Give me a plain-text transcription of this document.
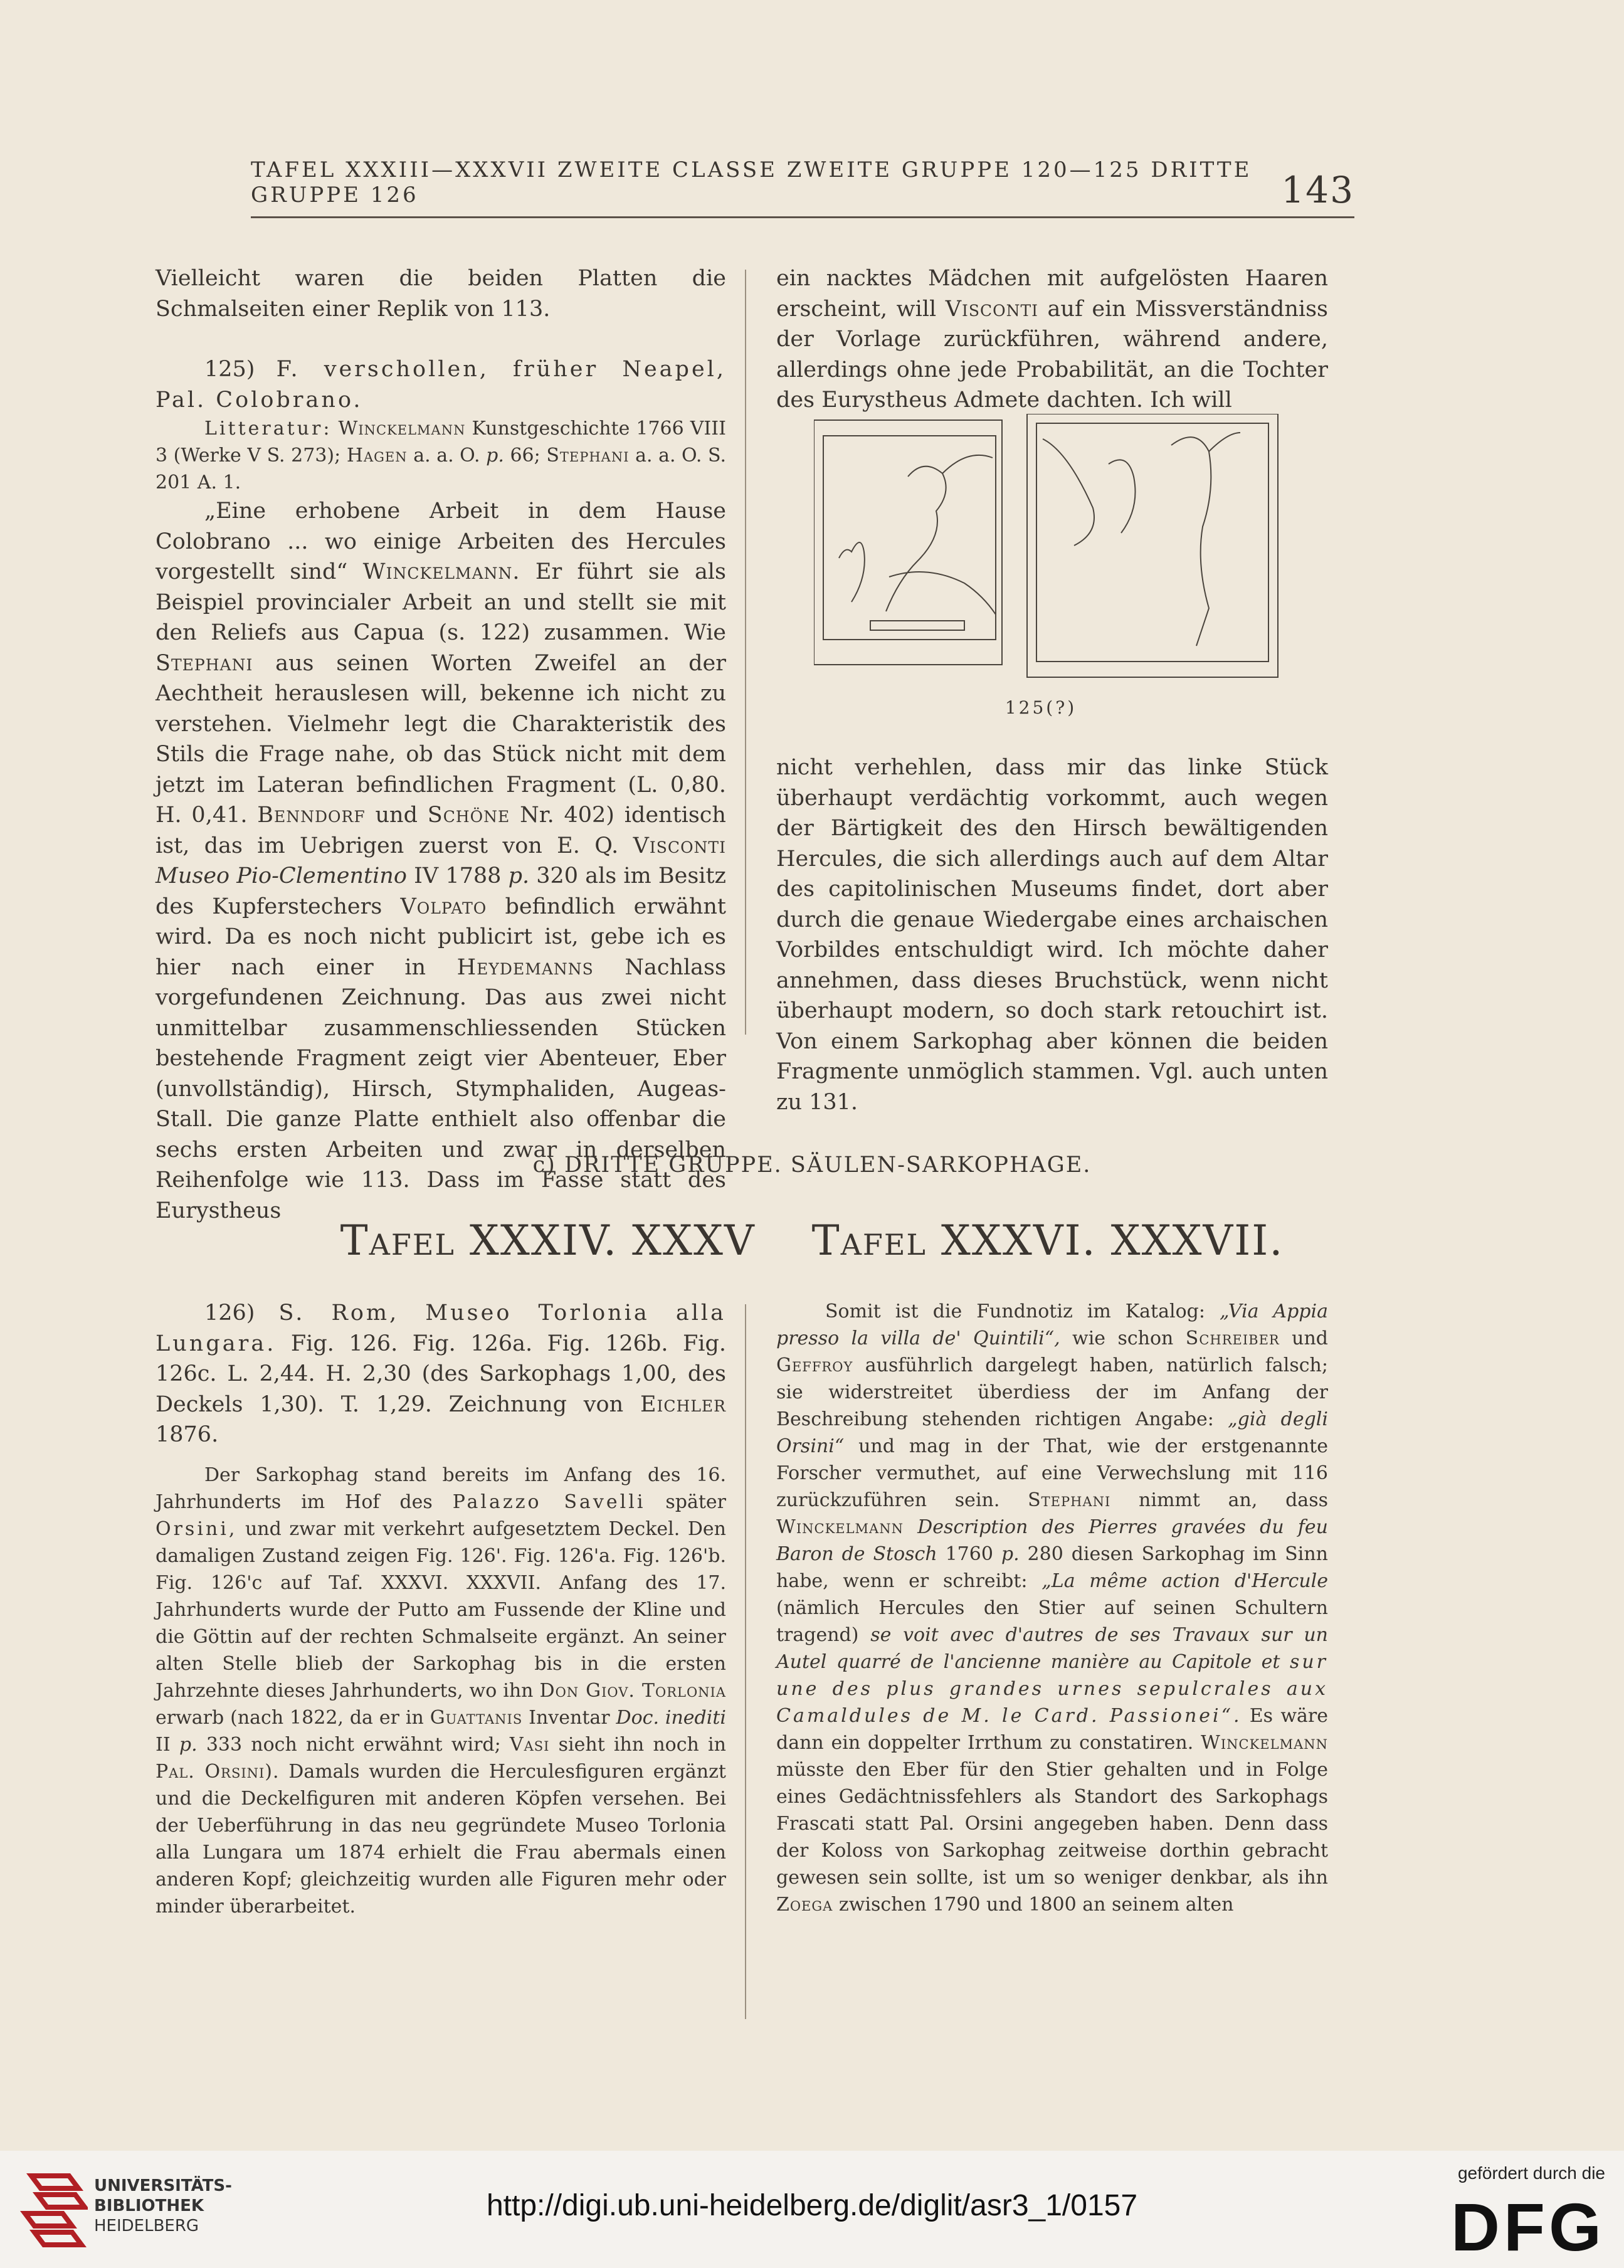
TAFEL XXXIII—XXXVII ZWEITE CLASSE ZWEITE GRUPPE 120—125 DRITTE GRUPPE 126	143

Vielleicht waren die beiden Platten die Schmalseiten einer Replik von 113.

125) F. verschollen, früher Neapel, Pal. Colobrano.

Litteratur: Winckelmann Kunstgeschichte 1766 VIII 3 (Werke V S. 273); Hagen a. a. O. p. 66; Stephani a. a. O. S. 201 A. 1.

„Eine erhobene Arbeit in dem Hause Colobrano ... wo einige Arbeiten des Hercules vorgestellt sind“ Winckelmann. Er führt sie als Beispiel provincialer Arbeit an und stellt sie mit den Reliefs aus Capua (s. 122) zusammen. Wie Stephani aus seinen Worten Zweifel an der Aechtheit herauslesen will, bekenne ich nicht zu verstehen. Vielmehr legt die Charakteristik des Stils die Frage nahe, ob das Stück nicht mit dem jetzt im Lateran befindlichen Fragment (L. 0,80. H. 0,41. Benndorf und Schöne Nr. 402) identisch ist, das im Uebrigen zuerst von E. Q. Visconti Museo Pio-Clementino IV 1788 p. 320 als im Besitz des Kupferstechers Volpato befindlich erwähnt wird. Da es noch nicht publicirt ist, gebe ich es hier nach einer in Heydemanns Nachlass vorgefundenen Zeichnung. Das aus zwei nicht unmittelbar zusammenschliessenden Stücken bestehende Fragment zeigt vier Abenteuer, Eber (unvollständig), Hirsch, Stymphaliden, Augeas-Stall. Die ganze Platte enthielt also offenbar die sechs ersten Arbeiten und zwar in derselben Reihenfolge wie 113. Dass im Fasse statt des Eurystheus

ein nacktes Mädchen mit aufgelösten Haaren erscheint, will Visconti auf ein Missverständniss der Vorlage zurückführen, während andere, allerdings ohne jede Probabilität, an die Tochter des Eurystheus Admete dachten. Ich will

125(?)

nicht verhehlen, dass mir das linke Stück überhaupt verdächtig vorkommt, auch wegen der Bärtigkeit des den Hirsch bewältigenden Hercules, die sich allerdings auch auf dem Altar des capitolinischen Museums findet, dort aber durch die genaue Wiedergabe eines archaischen Vorbildes entschuldigt wird. Ich möchte daher annehmen, dass dieses Bruchstück, wenn nicht überhaupt modern, so doch stark retouchirt ist. Von einem Sarkophag aber können die beiden Fragmente unmöglich stammen. Vgl. auch unten zu 131.

c) DRITTE GRUPPE. SÄULEN-SARKOPHAGE.
Tafel XXXIV. XXXV Tafel XXXVI. XXXVII.

126) S. Rom, Museo Torlonia alla Lungara. Fig. 126. Fig. 126a. Fig. 126b. Fig. 126c. L. 2,44. H. 2,30 (des Sarkophags 1,00, des Deckels 1,30). T. 1,29. Zeichnung von Eichler 1876.

Der Sarkophag stand bereits im Anfang des 16. Jahrhunderts im Hof des Palazzo Savelli später Orsini, und zwar mit verkehrt aufgesetztem Deckel. Den damaligen Zustand zeigen Fig. 126'. Fig. 126'a. Fig. 126'b. Fig. 126'c auf Taf. XXXVI. XXXVII. Anfang des 17. Jahrhunderts wurde der Putto am Fussende der Kline und die Göttin auf der rechten Schmalseite ergänzt. An seiner alten Stelle blieb der Sarkophag bis in die ersten Jahrzehnte dieses Jahrhunderts, wo ihn Don Giov. Torlonia erwarb (nach 1822, da er in Guattanis Inventar Doc. inediti II p. 333 noch nicht erwähnt wird; Vasi sieht ihn noch in Pal. Orsini). Damals wurden die Herculesfiguren ergänzt und die Deckelfiguren mit anderen Köpfen versehen. Bei der Ueberführung in das neu gegründete Museo Torlonia alla Lungara um 1874 erhielt die Frau abermals einen anderen Kopf; gleichzeitig wurden alle Figuren mehr oder minder überarbeitet.

Somit ist die Fundnotiz im Katalog: „Via Appia presso la villa de' Quintili“, wie schon Schreiber und Geffroy ausführlich dargelegt haben, natürlich falsch; sie widerstreitet überdiess der im Anfang der Beschreibung stehenden richtigen Angabe: „già degli Orsini“ und mag in der That, wie der erstgenannte Forscher vermuthet, auf eine Verwechslung mit 116 zurückzuführen sein. Stephani nimmt an, dass Winckelmann Description des Pierres gravées du feu Baron de Stosch 1760 p. 280 diesen Sarkophag im Sinn habe, wenn er schreibt: „La même action d'Hercule (nämlich Hercules den Stier auf seinen Schultern tragend) se voit avec d'autres de ses Travaux sur un Autel quarré de l'ancienne manière au Capitole et sur une des plus grandes urnes sepulcrales aux Camaldules de M. le Card. Passionei“. Es wäre dann ein doppelter Irrthum zu constatiren. Winckelmann müsste den Eber für den Stier gehalten und in Folge eines Gedächtnissfehlers als Standort des Sarkophags Frascati statt Pal. Orsini angegeben haben. Denn dass der Koloss von Sarkophag zeitweise dorthin gebracht gewesen sein sollte, ist um so weniger denkbar, als ihn Zoega zwischen 1790 und 1800 an seinem alten

UNIVERSITÄTS-
BIBLIOTHEK
HEIDELBERG
http://digi.ub.uni-heidelberg.de/diglit/asr3_1/0157
gefördert durch die
DFG
